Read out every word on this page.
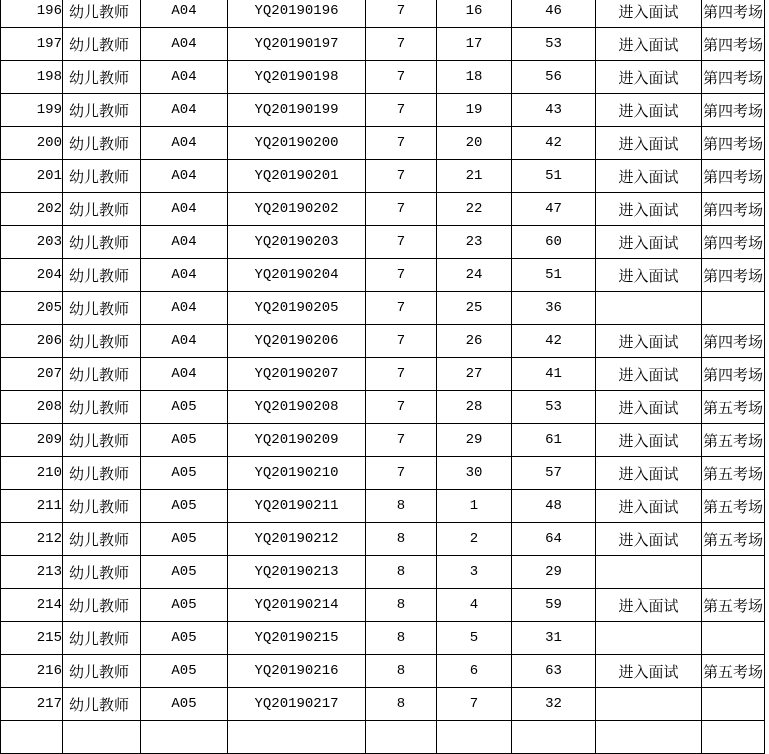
196	幼儿教师	A04	YQ20190196	7	16	46	进入面试	第四考场
197	幼儿教师	A04	YQ20190197	7	17	53	进入面试	第四考场
198	幼儿教师	A04	YQ20190198	7	18	56	进入面试	第四考场
199	幼儿教师	A04	YQ20190199	7	19	43	进入面试	第四考场
200	幼儿教师	A04	YQ20190200	7	20	42	进入面试	第四考场
201	幼儿教师	A04	YQ20190201	7	21	51	进入面试	第四考场
202	幼儿教师	A04	YQ20190202	7	22	47	进入面试	第四考场
203	幼儿教师	A04	YQ20190203	7	23	60	进入面试	第四考场
204	幼儿教师	A04	YQ20190204	7	24	51	进入面试	第四考场
205	幼儿教师	A04	YQ20190205	7	25	36		
206	幼儿教师	A04	YQ20190206	7	26	42	进入面试	第四考场
207	幼儿教师	A04	YQ20190207	7	27	41	进入面试	第四考场
208	幼儿教师	A05	YQ20190208	7	28	53	进入面试	第五考场
209	幼儿教师	A05	YQ20190209	7	29	61	进入面试	第五考场
210	幼儿教师	A05	YQ20190210	7	30	57	进入面试	第五考场
211	幼儿教师	A05	YQ20190211	8	1	48	进入面试	第五考场
212	幼儿教师	A05	YQ20190212	8	2	64	进入面试	第五考场
213	幼儿教师	A05	YQ20190213	8	3	29		
214	幼儿教师	A05	YQ20190214	8	4	59	进入面试	第五考场
215	幼儿教师	A05	YQ20190215	8	5	31		
216	幼儿教师	A05	YQ20190216	8	6	63	进入面试	第五考场
217	幼儿教师	A05	YQ20190217	8	7	32		
